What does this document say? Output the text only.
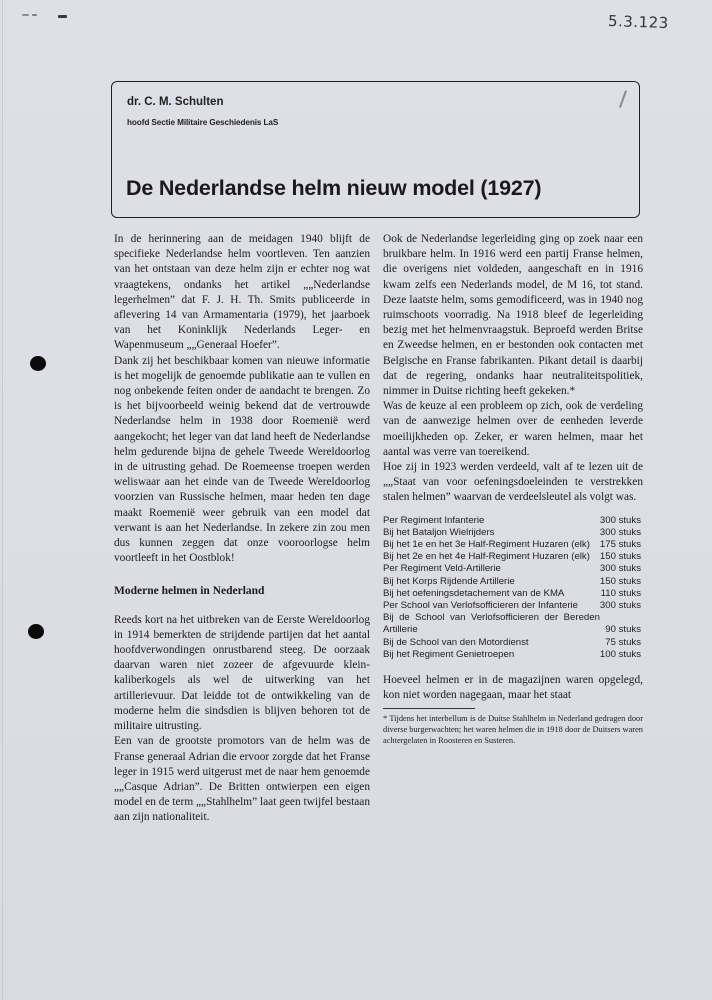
5.3.123
dr. C. M. Schulten
hoofd Sectie Militaire Geschiedenis LaS
De Nederlandse helm nieuw model (1927)

In de herinnering aan de meidagen 1940 blijft de specifieke Nederlandse helm voortleven. Ten aanzien van het ontstaan van deze helm zijn er echter nog wat vraagtekens, ondanks het artikel „„Nederlandse legerhelmen” dat F. J. H. Th. Smits publiceerde in aflevering 14 van Armamentaria (1979), het jaarboek van het Koninklijk Nederlands Leger- en Wapenmuseum „„Generaal Hoefer”.

Dank zij het beschikbaar komen van nieuwe informatie is het mogelijk de genoemde publikatie aan te vullen en nog onbekende feiten onder de aandacht te brengen. Zo is het bijvoorbeeld weinig bekend dat de vertrouwde Nederlandse helm in 1938 door Roemenië werd aangekocht; het leger van dat land heeft de Nederlandse helm gedurende bijna de gehele Tweede Wereldoorlog in de uitrusting gehad. De Roemeense troepen werden weliswaar aan het einde van de Tweede Wereldoorlog voorzien van Russische helmen, maar heden ten dage maakt Roemenië weer gebruik van een model dat verwant is aan het Nederlandse. In zekere zin zou men dus kunnen zeggen dat onze vooroorlogse helm voortleeft in het Oostblok!

Moderne helmen in Nederland

Reeds kort na het uitbreken van de Eerste Wereldoorlog in 1914 bemerkten de strijdende partijen dat het aantal hoofdverwondingen onrustbarend steeg. De oorzaak daarvan waren niet zozeer de afgevuurde klein-kaliberkogels als wel de uitwerking van het artillerievuur. Dat leidde tot de ontwikkeling van de moderne helm die sindsdien is blijven behoren tot de militaire uitrusting.

Een van de grootste promotors van de helm was de Franse generaal Adrian die ervoor zorgde dat het Franse leger in 1915 werd uitgerust met de naar hem genoemde „„Casque Adrian”. De Britten ontwierpen een eigen model en de term „„Stahlhelm” laat geen twijfel bestaan aan zijn nationaliteit.

Ook de Nederlandse legerleiding ging op zoek naar een bruikbare helm. In 1916 werd een partij Franse helmen, die overigens niet voldeden, aangeschaft en in 1916 kwam zelfs een Nederlands model, de M 16, tot stand. Deze laatste helm, soms gemodificeerd, was in 1940 nog ruimschoots voorradig. Na 1918 bleef de legerleiding bezig met het helmenvraagstuk. Beproefd werden Britse en Zweedse helmen, en er bestonden ook contacten met Belgische en Franse fabrikanten. Pikant detail is daarbij dat de regering, ondanks haar neutraliteitspolitiek, nimmer in Duitse richting heeft gekeken.*

Was de keuze al een probleem op zich, ook de verdeling van de aanwezige helmen over de eenheden leverde moeilijkheden op. Zeker, er waren helmen, maar het aantal was verre van toereikend.

Hoe zij in 1923 werden verdeeld, valt af te lezen uit de „„Staat van voor oefeningsdoeleinden te verstrekken stalen helmen” waarvan de verdeelsleutel als volgt was.

Per Regiment Infanterie	300 stuks
Bij het Bataljon Wielrijders	300 stuks
Bij het 1e en het 3e Half-Regiment Huzaren (elk)	175 stuks
Bij het 2e en het 4e Half-Regiment Huzaren (elk)	150 stuks
Per Regiment Veld-Artillerie	300 stuks
Bij het Korps Rijdende Artillerie	150 stuks
Bij het oefeningsdetachement van de KMA	110 stuks
Per School van Verlofsofficieren der Infanterie	300 stuks
Bij de School van Verlofsofficieren der Bereden Artillerie	90 stuks
Bij de School van den Motordienst	75 stuks
Bij het Regiment Genietroepen	100 stuks

Hoeveel helmen er in de magazijnen waren opgelegd, kon niet worden nagegaan, maar het staat

* Tijdens het interbellum is de Duitse Stahlhelm in Nederland gedragen door diverse burgerwachten; het waren helmen die in 1918 door de Duitsers waren achtergelaten in Roosteren en Susteren.
